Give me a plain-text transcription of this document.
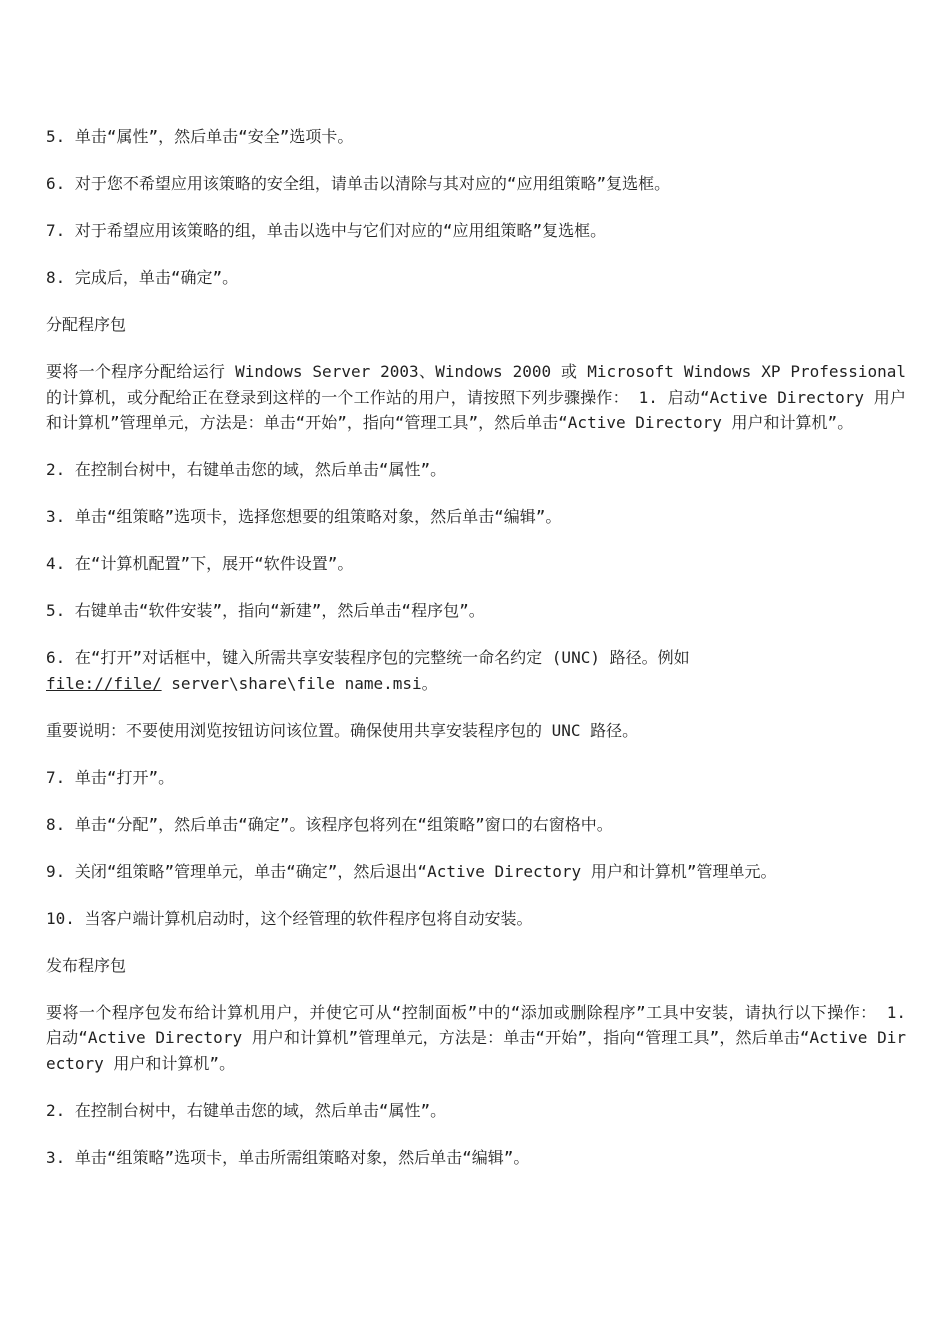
5. 单击“属性”，然后单击“安全”选项卡。

6. 对于您不希望应用该策略的安全组，请单击以清除与其对应的“应用组策略”复选框。

7. 对于希望应用该策略的组，单击以选中与它们对应的“应用组策略”复选框。

8. 完成后，单击“确定”。

分配程序包

要将一个程序分配给运行 Windows Server 2003、Windows 2000 或 Microsoft Windows XP Professional 的计算机，或分配给正在登录到这样的一个工作站的用户，请按照下列步骤操作： 1. 启动“Active Directory 用户和计算机”管理单元，方法是：单击“开始”，指向“管理工具”，然后单击“Active Directory 用户和计算机”。

2. 在控制台树中，右键单击您的域，然后单击“属性”。

3. 单击“组策略”选项卡，选择您想要的组策略对象，然后单击“编辑”。

4. 在“计算机配置”下，展开“软件设置”。

5. 右键单击“软件安装”，指向“新建”，然后单击“程序包”。

6. 在“打开”对话框中，键入所需共享安装程序包的完整统一命名约定 (UNC) 路径。例如
file://file/ server\share\file name.msi。

重要说明：不要使用浏览按钮访问该位置。确保使用共享安装程序包的 UNC 路径。

7. 单击“打开”。

8. 单击“分配”，然后单击“确定”。该程序包将列在“组策略”窗口的右窗格中。

9. 关闭“组策略”管理单元，单击“确定”，然后退出“Active Directory 用户和计算机”管理单元。

10. 当客户端计算机启动时，这个经管理的软件程序包将自动安装。

发布程序包

要将一个程序包发布给计算机用户，并使它可从“控制面板”中的“添加或删除程序”工具中安装，请执行以下操作： 1. 启动“Active Directory 用户和计算机”管理单元，方法是：单击“开始”，指向“管理工具”，然后单击“Active Directory 用户和计算机”。

2. 在控制台树中，右键单击您的域，然后单击“属性”。

3. 单击“组策略”选项卡，单击所需组策略对象，然后单击“编辑”。
